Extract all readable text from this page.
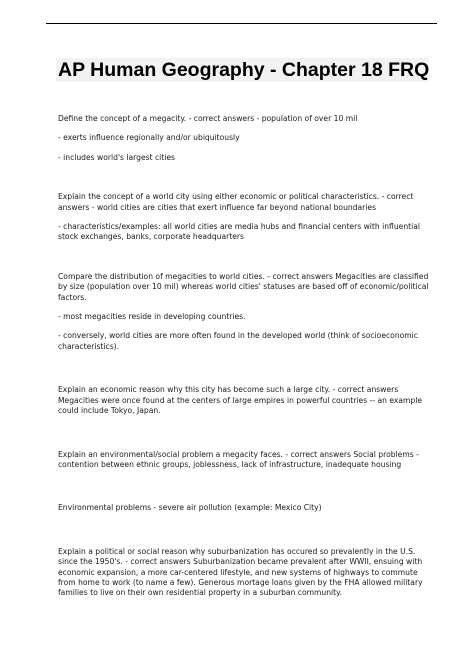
AP Human Geography - Chapter 18 FRQ

Define the concept of a megacity. - correct answers - population of over 10 mil

- exerts influence regionally and/or ubiquitously

- includes world's largest cities

Explain the concept of a world city using either economic or political characteristics. - correct answers - world cities are cities that exert influence far beyond national boundaries

- characteristics/examples: all world cities are media hubs and financial centers with influential stock exchanges, banks, corporate headquarters

Compare the distribution of megacities to world cities. - correct answers Megacities are classified by size (population over 10 mil) whereas world cities' statuses are based off of economic/political factors.

- most megacities reside in developing countries.

- conversely, world cities are more often found in the developed world (think of socioeconomic characteristics).

Explain an economic reason why this city has become such a large city. - correct answers Megacities were once found at the centers of large empires in powerful countries -- an example could include Tokyo, Japan.

Explain an environmental/social problem a megacity faces. - correct answers Social problems - contention between ethnic groups, joblessness, lack of infrastructure, inadequate housing

Environmental problems - severe air pollution (example: Mexico City)

Explain a political or social reason why suburbanization has occured so prevalently in the U.S. since the 1950's. - correct answers Suburbanization became prevalent after WWII, ensuing with economic expansion, a more car-centered lifestyle, and new systems of highways to commute from home to work (to name a few). Generous mortage loans given by the FHA allowed military families to live on their own residential property in a suburban community.
